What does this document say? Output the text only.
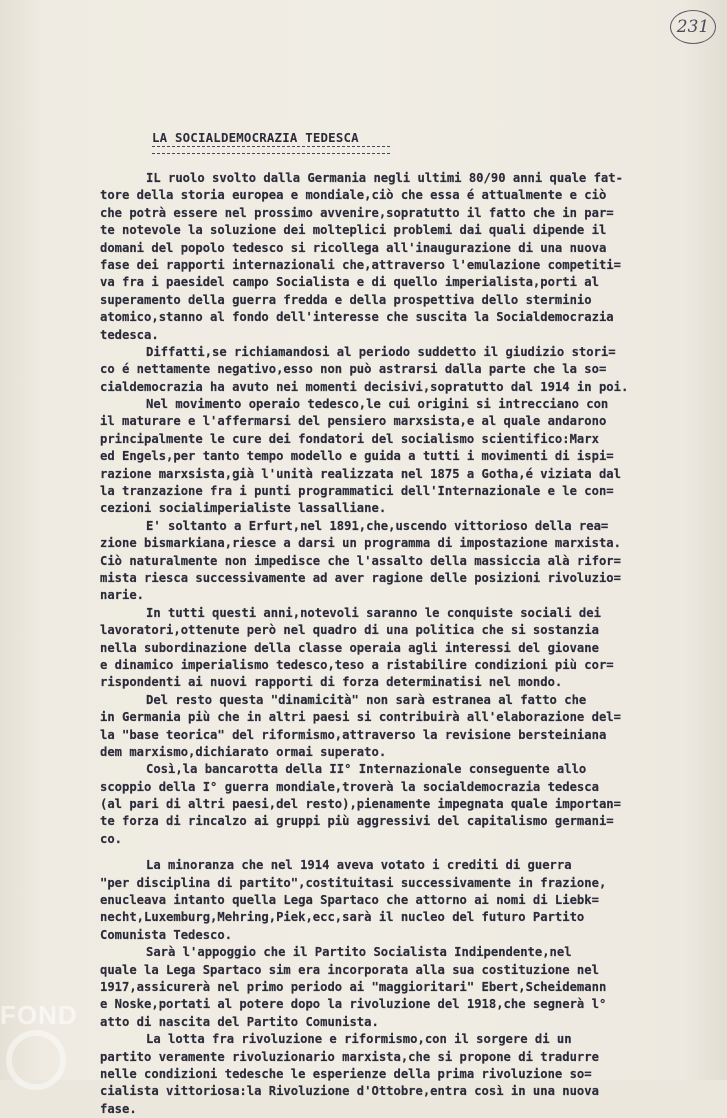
231
LA SOCIALDEMOCRAZIA TEDESCA
IL ruolo svolto dalla Germania negli ultimi 80/90 anni quale fat-
tore della storia europea e mondiale,ciò che essa é attualmente e ciò
che potrà essere nel prossimo avvenire,sopratutto il fatto che in par=
te notevole la soluzione dei molteplici problemi dai quali dipende il
domani del popolo tedesco si ricollega all'inaugurazione di una nuova
fase dei rapporti internazionali che,attraverso l'emulazione competiti=
va fra i paesidel campo Socialista e di quello imperialista,porti al
superamento della guerra fredda e della prospettiva dello sterminio
atomico,stanno al fondo dell'interesse che suscita la Socialdemocrazia
tedesca.
Diffatti,se richiamandosi al periodo suddetto il giudizio stori=
co é nettamente negativo,esso non può astrarsi dalla parte che la so=
cialdemocrazia ha avuto nei momenti decisivi,sopratutto dal 1914 in poi.
Nel movimento operaio tedesco,le cui origini si intrecciano con
il maturare e l'affermarsi del pensiero marxsista,e al quale andarono
principalmente le cure dei fondatori del socialismo scientifico:Marx
ed Engels,per tanto tempo modello e guida a tutti i movimenti di ispi=
razione marxsista,già l'unità realizzata nel 1875 a Gotha,é viziata dal
la tranzazione fra i punti programmatici dell'Internazionale e le con=
cezioni socialimperialiste lassalliane.
E' soltanto a Erfurt,nel 1891,che,uscendo vittorioso della rea=
zione bismarkiana,riesce a darsi un programma di impostazione marxista.
Ciò naturalmente non impedisce che l'assalto della massiccia alà rifor=
mista riesca successivamente ad aver ragione delle posizioni rivoluzio=
narie.
In tutti questi anni,notevoli saranno le conquiste sociali dei
lavoratori,ottenute però nel quadro di una politica che si sostanzia
nella subordinazione della classe operaia agli interessi del giovane
e dinamico imperialismo tedesco,teso a ristabilire condizioni più cor=
rispondenti ai nuovi rapporti di forza determinatisi nel mondo.
Del resto questa "dinamicità" non sarà estranea al fatto che
in Germania più che in altri paesi si contribuirà all'elaborazione del=
la "base teorica" del riformismo,attraverso la revisione bersteiniana
dem marxismo,dichiarato ormai superato.
Così,la bancarotta della II° Internazionale conseguente allo
scoppio della I° guerra mondiale,troverà la socialdemocrazia tedesca
(al pari di altri paesi,del resto),pienamente impegnata quale importan=
te forza di rincalzo ai gruppi più aggressivi del capitalismo germani=
co.
La minoranza che nel 1914 aveva votato i crediti di guerra
"per disciplina di partito",costituitasi successivamente in frazione,
enucleava intanto quella Lega Spartaco che attorno ai nomi di Liebk=
necht,Luxemburg,Mehring,Piek,ecc,sarà il nucleo del futuro Partito
Comunista Tedesco.
Sarà l'appoggio che il Partito Socialista Indipendente,nel
quale la Lega Spartaco sim era incorporata alla sua costituzione nel
1917,assicurerà nel primo periodo ai "maggioritari" Ebert,Scheidemann
e Noske,portati al potere dopo la rivoluzione del 1918,che segnerà l°
atto di nascita del Partito Comunista.
La lotta fra rivoluzione e riformismo,con il sorgere di un
partito veramente rivoluzionario marxista,che si propone di tradurre
nelle condizioni tedesche le esperienze della prima rivoluzione so=
cialista vittoriosa:la Rivoluzione d'Ottobre,entra così in una nuova
fase.
FOND
